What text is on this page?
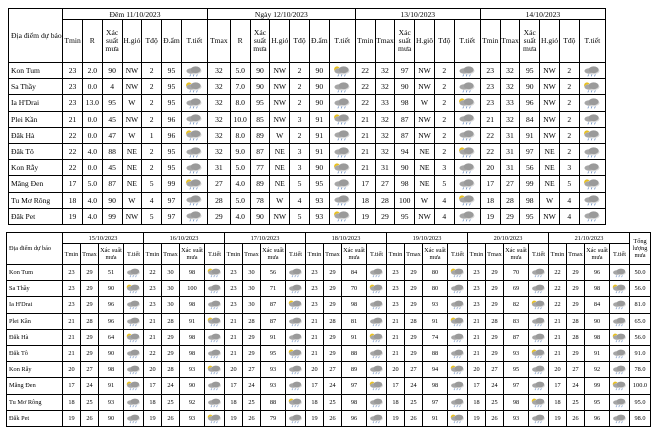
Địa điểm dự báo	Đêm 11/10/2023							Ngày 12/10/2023							13/10/2023						14/10/2023					
	Tmin	R	Xác suất mưa	H.gió	Tđộ	Đ.ẩm	T.tiết	Tmax	R	Xác suất mưa	H.gió	Tđộ	Đ.ẩm	T.tiết	Tmin	Tmax	Xác suất mưa	H.giô	Tđộ	T.tiết	Tmin	Tmax	Xác suất mưa	H.gió	Tđộ	T.tiết
Kon Tum	23	2.0	90	NW	2	95		32	5.0	90	NW	2	90		22	32	97	NW	2		23	32	95	NW	2	

Sa Thầy	23	0.0	4	NW	2	95		32	7.0	90	NW	2	90		22	32	90	NW	2		23	32	90	NW	2	

Ia H'Drai	23	13.0	95	W	2	95		32	8.0	95	NW	2	90		22	33	98	W	2		23	33	96	NW	2	

Plei Kần	21	0.0	45	NW	2	96		32	10.0	85	NW	3	91		21	32	87	NW	2		21	32	84	NW	2	

Đăk Hà	22	0.0	47	W	1	96		32	8.0	89	W	2	91		21	32	87	NW	2		22	31	91	NW	2	

Đăk Tô	22	4.0	88	NE	2	95		32	9.0	87	NE	3	91		21	32	94	NE	2		22	31	97	NE	2	

Kon Rẫy	22	0.0	45	NE	2	95		31	5.0	77	NE	3	90		21	31	90	NE	3		20	31	56	NE	3	

Măng Đen	17	5.0	87	NE	5	99		27	4.0	89	NE	5	95		17	27	98	NE	5		17	27	99	NE	5	

Tu Mơ Rông	18	4.0	90	W	4	97		28	5.0	78	W	4	93		18	28	100	W	4		18	28	98	W	4	

Đăk Pet	19	4.0	99	NW	5	97		29	4.0	90	NW	5	93		19	29	95	NW	4		19	29	95	NW	4	
Địa điểm dự báo	15/10/2023				16/10/2023				17/10/2023				18/10/2023				19/10/2023				20/10/2023				21/10/2023				Tổng lượng mưa
	Tmin	Tmax	Xác suất mưa	T.tiết	Tmin	Tmax	Xác suất mưa	T.tiết	Tmin	Tmax	Xác suất mưa	T.tiết	Tmin	Tmax	Xác suất mưa	T.tiết	Tmin	Tmax	Xác suất mưa	T.tiết	Tmin	Tmax	Xác suất mưa	T.tiết	Tmin	Tmax	Xác suất mưa	T.tiết	
Kon Tum	23	29	51		22	30	98		23	30	56		23	29	84		23	29	80		23	29	70		22	29	96		50.0
Sa Thầy	23	29	90		23	30	100		23	30	71		23	29	70		23	29	80		23	29	69		22	29	98		56.0
Ia H'Drai	23	29	96		23	30	98		23	30	87		23	29	98		23	29	93		23	29	82		22	29	84		81.0
Plei Kần	21	28	96		21	28	91		21	28	87		21	28	81		21	28	91		21	28	83		21	28	90		65.0
Đăk Hà	21	29	64		21	29	98		21	29	91		21	29	91		21	29	74		21	29	87		21	28	98		56.0
Đăk Tô	21	29	90		22	29	98		21	29	95		21	29	88		21	29	88		21	29	93		21	29	91		91.0
Kon Rẫy	20	27	98		20	28	93		20	27	93		20	27	89		20	27	94		20	27	95		20	27	92		78.0
Măng Đen	17	24	91		17	24	90		17	24	93		17	24	97		17	24	98		17	24	97		17	24	99		100.0
Tu Mơ Rông	18	25	93		18	25	92		18	25	88		18	25	98		18	25	97		18	25	98		18	25	95		95.0
Đăk Pet	19	26	90		19	26	93		19	26	79		19	26	96		19	26	91		19	26	93		19	26	96		98.0
